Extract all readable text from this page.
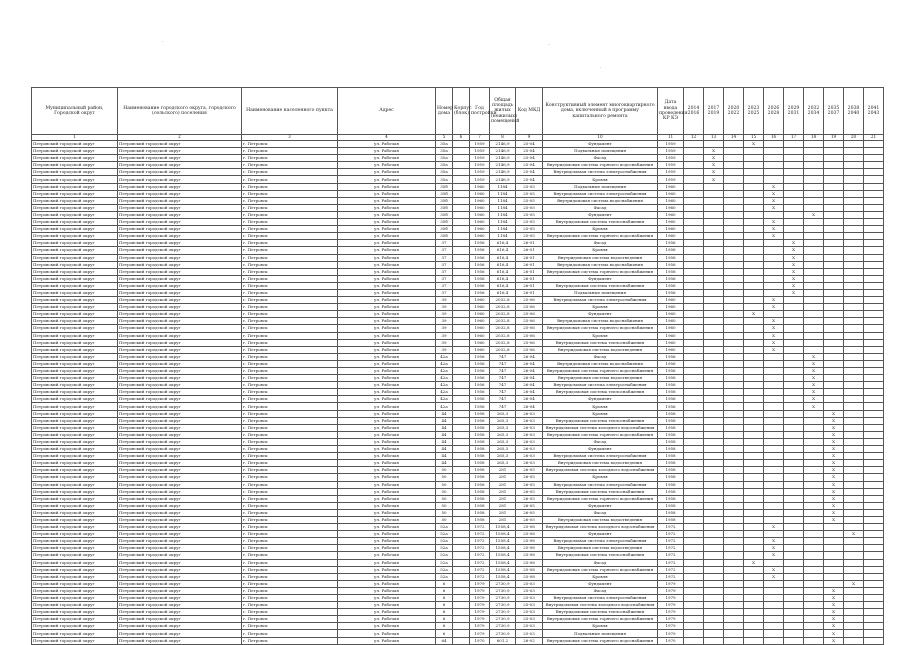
.
-
.
Муниципальный район, Городской округ	Наименование городского округа, городского (сельского) поселения	Наименование населенного пункта	Адрес	Номер дома	Корпус (блок)	Год постройки	Общая площадь жилых (нежилых) помещений	Код МКД	Конструктивный элемент многоквартирного дома, включенный в программу капитального ремонта	Дата ввода проведения КР КЭ	2014 2016	2017 2019	2020 2022	2023 2025	2026 2028	2029 2031	2032 2034	2035 2037	2038 2040	2041 2043
1	2	3	4	5	6	7	8	9	10	11	12	13	14	15	16	17	18	19	20	21
Петровский городской округ	Петровский городской округ	г. Петровск	ул. Рабочая	35а		1959	2146,9	25-04	Фундамент	1959				X						
Петровский городской округ	Петровский городской округ	г. Петровск	ул. Рабочая	35а		1959	2146,9	25-04	Подвальные помещения	1959		X								
Петровский городской округ	Петровский городской округ	г. Петровск	ул. Рабочая	35а		1959	2146,9	25-04	Фасад	1959		X								
Петровский городской округ	Петровский городской округ	г. Петровск	ул. Рабочая	35а		1959	2146,9	25-04	Внутридомовая система горячего водоснабжения	1959		X								
Петровский городской округ	Петровский городской округ	г. Петровск	ул. Рабочая	35а		1959	2146,9	25-04	Внутридомовая система электроснабжения	1959		X								
Петровский городской округ	Петровский городской округ	г. Петровск	ул. Рабочая	35а		1959	2146,9	25-04	Кровля	1959		X								
Петровский городской округ	Петровский городской округ	г. Петровск	ул. Рабочая	35б		1960	1184	25-05	Подвальные помещения	1960					X					
Петровский городской округ	Петровский городской округ	г. Петровск	ул. Рабочая	35б		1960	1184	25-05	Внутридомовая система электроснабжения	1960					X					
Петровский городской округ	Петровский городской округ	г. Петровск	ул. Рабочая	35б		1960	1184	25-05	Внутридомовая система водоснабжения	1960					X					
Петровский городской округ	Петровский городской округ	г. Петровск	ул. Рабочая	35б		1960	1184	25-05	Фасад	1960					X					
Петровский городской округ	Петровский городской округ	г. Петровск	ул. Рабочая	35б		1960	1184	25-05	Фундамент	1960							X			
Петровский городской округ	Петровский городской округ	г. Петровск	ул. Рабочая	35б		1960	1184	25-05	Внутридомовая система теплоснабжения	1960					X					
Петровский городской округ	Петровский городской округ	г. Петровск	ул. Рабочая	35б		1960	1184	25-05	Кровля	1960					X					
Петровский городской округ	Петровский городской округ	г. Петровск	ул. Рабочая	35б		1960	1184	25-05	Внутридомовая система горячего водоснабжения	1960					X					
Петровский городской округ	Петровский городской округ	г. Петровск	ул. Рабочая	37		1956	616,4	26-01	Фасад	1956						X				
Петровский городской округ	Петровский городской округ	г. Петровск	ул. Рабочая	37		1956	616,4	26-01	Кровля	1956						X				
Петровский городской округ	Петровский городской округ	г. Петровск	ул. Рабочая	37		1956	616,4	26-01	Внутридомовая система водоотведения	1956						X				
Петровский городской округ	Петровский городской округ	г. Петровск	ул. Рабочая	37		1956	616,4	26-01	Внутридомовая система водоснабжения	1956						X				
Петровский городской округ	Петровский городской округ	г. Петровск	ул. Рабочая	37		1956	616,4	26-01	Внутридомовая система горячего водоснабжения	1956						X				
Петровский городской округ	Петровский городской округ	г. Петровск	ул. Рабочая	37		1956	616,4	26-01	Фундамент	1956						X				
Петровский городской округ	Петровский городской округ	г. Петровск	ул. Рабочая	37		1956	616,4	26-01	Внутридомовая система теплоснабжения	1956						X				
Петровский городской округ	Петровский городской округ	г. Петровск	ул. Рабочая	37		1956	616,4	26-01	Подвальные помещения	1956						X				
Петровский городской округ	Петровский городской округ	г. Петровск	ул. Рабочая	39		1960	2032,8	25-06	Внутридомовая система электроснабжения	1960					X					
Петровский городской округ	Петровский городской округ	г. Петровск	ул. Рабочая	39		1960	2032,8	25-06	Кровля	1960					X					
Петровский городской округ	Петровский городской округ	г. Петровск	ул. Рабочая	39		1960	2032,8	25-06	Фундамент	1960				X						
Петровский городской округ	Петровский городской округ	г. Петровск	ул. Рабочая	39		1960	2032,8	25-06	Внутридомовая система водоснабжения	1960					X					
Петровский городской округ	Петровский городской округ	г. Петровск	ул. Рабочая	39		1960	2032,8	25-06	Внутридомовая система горячего водоснабжения	1960					X					
Петровский городской округ	Петровский городской округ	г. Петровск	ул. Рабочая	39		1960	2032,8	25-06	Кровля	1960					X					
Петровский городской округ	Петровский городской округ	г. Петровск	ул. Рабочая	39		1960	2032,8	25-06	Внутридомовая система теплоснабжения	1960					X					
Петровский городской округ	Петровский городской округ	г. Петровск	ул. Рабочая	39		1960	2032,8	25-06	Внутридомовая система водоотведения	1960					X					
Петровский городской округ	Петровский городской округ	г. Петровск	ул. Рабочая	42а		1956	747	26-04	Фасад	1956							X			
Петровский городской округ	Петровский городской округ	г. Петровск	ул. Рабочая	42а		1956	747	26-04	Внутридомовая система водоснабжения	1956							X			
Петровский городской округ	Петровский городской округ	г. Петровск	ул. Рабочая	42а		1956	747	26-04	Внутридомовая система горячего водоснабжения	1956							X			
Петровский городской округ	Петровский городской округ	г. Петровск	ул. Рабочая	42а		1956	747	26-04	Внутридомовая система водоотведения	1956							X			
Петровский городской округ	Петровский городской округ	г. Петровск	ул. Рабочая	42а		1956	747	26-04	Внутридомовая система электроснабжения	1956							X			
Петровский городской округ	Петровский городской округ	г. Петровск	ул. Рабочая	42а		1956	747	26-04	Внутридомовая система теплоснабжения	1956							X			
Петровский городской округ	Петровский городской округ	г. Петровск	ул. Рабочая	42а		1956	747	26-04	Фундамент	1956							X			
Петровский городской округ	Петровский городской округ	г. Петровск	ул. Рабочая	42а		1956	747	26-04	Кровля	1956							X			
Петровский городской округ	Петровский городской округ	г. Петровск	ул. Рабочая	44		1958	265,3	26-03	Кровля	1958								X		
Петровский городской округ	Петровский городской округ	г. Петровск	ул. Рабочая	44		1958	265,3	26-03	Внутридомовая система теплоснабжения	1958								X		
Петровский городской округ	Петровский городской округ	г. Петровск	ул. Рабочая	44		1958	265,3	26-03	Внутридомовая система холодного водоснабжения	1958								X		
Петровский городской округ	Петровский городской округ	г. Петровск	ул. Рабочая	44		1958	265,3	26-03	Внутридомовая система горячего водоснабжения	1958								X		
Петровский городской округ	Петровский городской округ	г. Петровск	ул. Рабочая	44		1958	265,3	26-03	Фасад	1958								X		
Петровский городской округ	Петровский городской округ	г. Петровск	ул. Рабочая	44		1958	265,3	26-03	Фундамент	1958								X		
Петровский городской округ	Петровский городской округ	г. Петровск	ул. Рабочая	44		1958	265,3	26-03	Внутридомовая система электроснабжения	1958								X		
Петровский городской округ	Петровский городской округ	г. Петровск	ул. Рабочая	44		1958	265,3	26-03	Внутридомовая система водоотведения	1958								X		
Петровский городской округ	Петровский городской округ	г. Петровск	ул. Рабочая	50		1958	281	26-05	Внутридомовая система холодного водоснабжения	1958								X		
Петровский городской округ	Петровский городской округ	г. Петровск	ул. Рабочая	50		1958	281	26-05	Кровля	1958								X		
Петровский городской округ	Петровский городской округ	г. Петровск	ул. Рабочая	50		1958	281	26-05	Внутридомовая система электроснабжения	1958								X		
Петровский городской округ	Петровский городской округ	г. Петровск	ул. Рабочая	50		1958	281	26-05	Внутридомовая система теплоснабжения	1958								X		
Петровский городской округ	Петровский городской округ	г. Петровск	ул. Рабочая	50		1958	281	26-05	Внутридомовая система горячего водоснабжения	1958								X		
Петровский городской округ	Петровский городской округ	г. Петровск	ул. Рабочая	50		1958	281	26-05	Фундамент	1958								X		
Петровский городской округ	Петровский городской округ	г. Петровск	ул. Рабочая	50		1958	281	26-05	Фасад	1958								X		
Петровский городской округ	Петровский городской округ	г. Петровск	ул. Рабочая	50		1958	281	26-05	Внутридомовая система водоотведения	1958								X		
Петровский городской округ	Петровский городской округ	г. Петровск	ул. Рабочая	52а		1972	1558,4	25-08	Внутридомовая система холодного водоснабжения	1972					X					
Петровский городской округ	Петровский городской округ	г. Петровск	ул. Рабочая	52а		1972	1558,4	25-08	Фундамент	1972									X	
Петровский городской округ	Петровский городской округ	г. Петровск	ул. Рабочая	52а		1972	1558,4	25-08	Внутридомовая система электроснабжения	1972					X					
Петровский городской округ	Петровский городской округ	г. Петровск	ул. Рабочая	52а		1972	1558,4	25-08	Внутридомовая система водоотведения	1972					X					
Петровский городской округ	Петровский городской округ	г. Петровск	ул. Рабочая	52а		1972	1558,4	25-08	Внутридомовая система теплоснабжения	1972					X					
Петровский городской округ	Петровский городской округ	г. Петровск	ул. Рабочая	52а		1972	1558,4	25-08	Фасад	1972				X						
Петровский городской округ	Петровский городской округ	г. Петровск	ул. Рабочая	52а		1972	1558,4	25-08	Внутридомовая система горячего водоснабжения	1972					X					
Петровский городской округ	Петровский городской округ	г. Петровск	ул. Рабочая	52а		1972	1558,4	25-08	Кровля	1972					X					
Петровский городской округ	Петровский городской округ	г. Петровск	ул. Рабочая	6		1979	2730,9	25-03	Фундамент	1979									X	
Петровский городской округ	Петровский городской округ	г. Петровск	ул. Рабочая	6		1979	2730,9	25-03	Фасад	1979								X		
Петровский городской округ	Петровский городской округ	г. Петровск	ул. Рабочая	6		1979	2730,9	25-03	Внутридомовая система электроснабжения	1979								X		
Петровский городской округ	Петровский городской округ	г. Петровск	ул. Рабочая	6		1979	2730,9	25-03	Внутридомовая система холодного водоснабжения	1979								X		
Петровский городской округ	Петровский городской округ	г. Петровск	ул. Рабочая	6		1979	2730,9	25-03	Внутридомовая система теплоснабжения	1979								X		
Петровский городской округ	Петровский городской округ	г. Петровск	ул. Рабочая	6		1979	2730,9	25-03	Внутридомовая система горячего водоснабжения	1979								X		
Петровский городской округ	Петровский городской округ	г. Петровск	ул. Рабочая	6		1979	2730,9	25-03	Кровля	1979								X		
Петровский городской округ	Петровский городской округ	г. Петровск	ул. Рабочая	6		1979	2730,9	25-03	Подвальные помещения	1979								X		
Петровский городской округ	Петровский городской округ	г. Петровск	ул. Рабочая	64		1970	601,2	26-02	Внутридомовая система горячего водоснабжения	1970								X		
